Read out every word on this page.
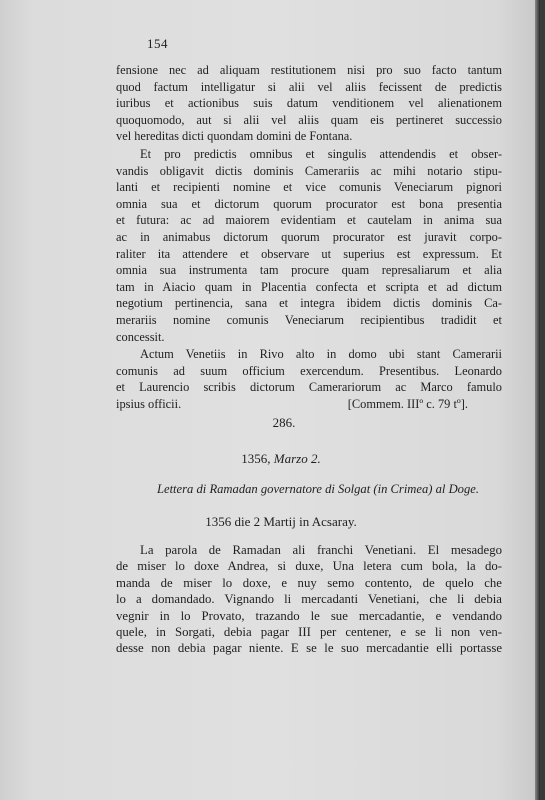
154
fensione nec ad aliquam restitutionem nisi pro suo facto tantum
quod factum intelligatur si alii vel aliis fecissent de predictis
iuribus et actionibus suis datum venditionem vel alienationem
quoquomodo, aut si alii vel aliis quam eis pertineret successio
vel hereditas dicti quondam domini de Fontana.
Et pro predictis omnibus et singulis attendendis et obser-
vandis obligavit dictis dominis Camerariis ac mihi notario stipu-
lanti et recipienti nomine et vice comunis Veneciarum pignori
omnia sua et dictorum quorum procurator est bona presentia
et futura: ac ad maiorem evidentiam et cautelam in anima sua
ac in animabus dictorum quorum procurator est juravit corpo-
raliter ita attendere et observare ut superius est expressum. Et
omnia sua instrumenta tam procure quam represaliarum et alia
tam in Aiacio quam in Placentia confecta et scripta et ad dictum
negotium pertinencia, sana et integra ibidem dictis dominis Ca-
merariis nomine comunis Veneciarum recipientibus tradidit et
concessit.
Actum Venetiis in Rivo alto in domo ubi stant Camerarii
comunis ad suum officium exercendum. Presentibus. Leonardo
et Laurencio scribis dictorum Camerariorum ac Marco famulo
ipsius officii.	[Commem. IIIº c. 79 tº].
286.
1356, Marzo 2.
Lettera di Ramadan governatore di Solgat (in Crimea) al Doge.
1356 die 2 Martij in Acsaray.
La parola de Ramadan ali franchi Venetiani. El mesadego
de miser lo doxe Andrea, si duxe, Una letera cum bola, la do-
manda de miser lo doxe, e nuy semo contento, de quelo che
lo a domandado. Vignando li mercadanti Venetiani, che li debia
vegnir in lo Provato, trazando le sue mercadantie, e vendando
quele, in Sorgati, debia pagar III per centener, e se li non ven-
desse non debia pagar niente. E se le suo mercadantie elli portasse
